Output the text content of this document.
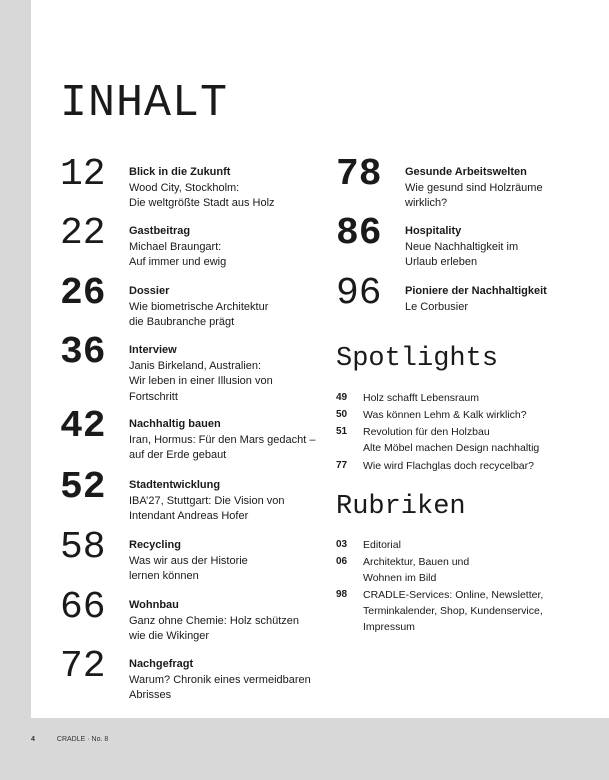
INHALT
12 Blick in die Zukunft
Wood City, Stockholm:
Die weltgrößte Stadt aus Holz
22 Gastbeitrag
Michael Braungart:
Auf immer und ewig
26 Dossier
Wie biometrische Architektur
die Baubranche prägt
36 Interview
Janis Birkeland, Australien:
Wir leben in einer Illusion von
Fortschritt
42 Nachhaltig bauen
Iran, Hormus: Für den Mars gedacht –
auf der Erde gebaut
52 Stadtentwicklung
IBA’27, Stuttgart: Die Vision von
Intendant Andreas Hofer
58 Recycling
Was wir aus der Historie
lernen können
66 Wohnbau
Ganz ohne Chemie: Holz schützen
wie die Wikinger
72 Nachgefragt
Warum? Chronik eines vermeidbaren
Abrisses
78 Gesunde Arbeitswelten
Wie gesund sind Holzräume
wirklich?
86 Hospitality
Neue Nachhaltigkeit im
Urlaub erleben
96 Pioniere der Nachhaltigkeit
Le Corbusier
Spotlights
49 Holz schafft Lebensraum
50 Was können Lehm & Kalk wirklich?
51 Revolution für den Holzbau
Alte Möbel machen Design nachhaltig
77 Wie wird Flachglas doch recycelbar?
Rubriken
03 Editorial
06 Architektur, Bauen und
Wohnen im Bild
98 CRADLE-Services: Online, Newsletter,
Terminkalender, Shop, Kundenservice,
Impressum
4	CRADLE · No. 8
